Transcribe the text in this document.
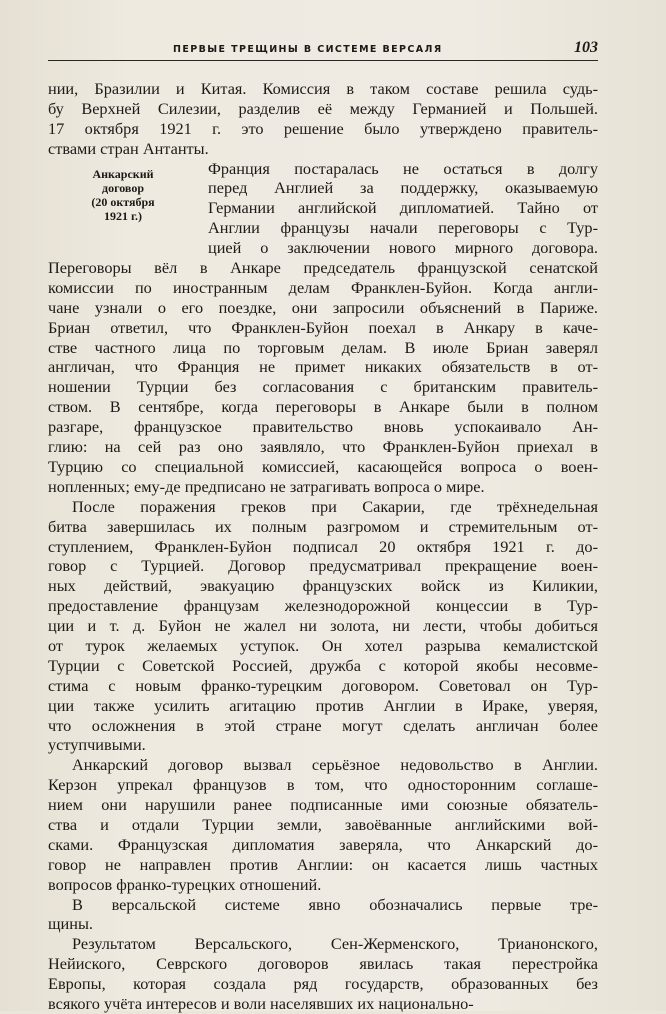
ПЕРВЫЕ ТРЕЩИНЫ В СИСТЕМЕ ВЕРСАЛЯ	103
Анкарский
договор
(20 октября
1921 г.)
нии, Бразилии и Китая. Комиссия в таком составе решила судь-
бу Верхней Силезии, разделив её между Германией и Польшей.
17 октября 1921 г. это решение было утверждено правитель-
ствами стран Антанты.
Франция постаралась не остаться в долгу
перед Англией за поддержку, оказываемую
Германии английской дипломатией. Тайно от
Англии французы начали переговоры с Тур-
цией о заключении нового мирного договора.
Переговоры вёл в Анкаре председатель французской сенатской
комиссии по иностранным делам Франклен-Буйон. Когда англи-
чане узнали о его поездке, они запросили объяснений в Париже.
Бриан ответил, что Франклен-Буйон поехал в Анкару в каче-
стве частного лица по торговым делам. В июле Бриан заверял
англичан, что Франция не примет никаких обязательств в от-
ношении Турции без согласования с британским правитель-
ством. В сентябре, когда переговоры в Анкаре были в полном
разгаре, французское правительство вновь успокаивало Ан-
глию: на сей раз оно заявляло, что Франклен-Буйон приехал в
Турцию со специальной комиссией, касающейся вопроса о воен-
нопленных; ему-де предписано не затрагивать вопроса о мире.
После поражения греков при Сакарии, где трёхнедельная
битва завершилась их полным разгромом и стремительным от-
ступлением, Франклен-Буйон подписал 20 октября 1921 г. до-
говор с Турцией. Договор предусматривал прекращение воен-
ных действий, эвакуацию французских войск из Киликии,
предоставление французам железнодорожной концессии в Тур-
ции и т. д. Буйон не жалел ни золота, ни лести, чтобы добиться
от турок желаемых уступок. Он хотел разрыва кемалистской
Турции с Советской Россией, дружба с которой якобы несовме-
стима с новым франко-турецким договором. Советовал он Тур-
ции также усилить агитацию против Англии в Ираке, уверяя,
что осложнения в этой стране могут сделать англичан более
уступчивыми.
Анкарский договор вызвал серьёзное недовольство в Англии.
Керзон упрекал французов в том, что односторонним соглаше-
нием они нарушили ранее подписанные ими союзные обязатель-
ства и отдали Турции земли, завоёванные английскими вой-
сками. Французская дипломатия заверяла, что Анкарский до-
говор не направлен против Англии: он касается лишь частных
вопросов франко-турецких отношений.
В версальской системе явно обозначались первые тре-
щины.
Результатом Версальского, Сен-Жерменского, Трианонского,
Нейиского, Севрского договоров явилась такая перестройка
Европы, которая создала ряд государств, образованных без
всякого учёта интересов и воли населявших их национально-
